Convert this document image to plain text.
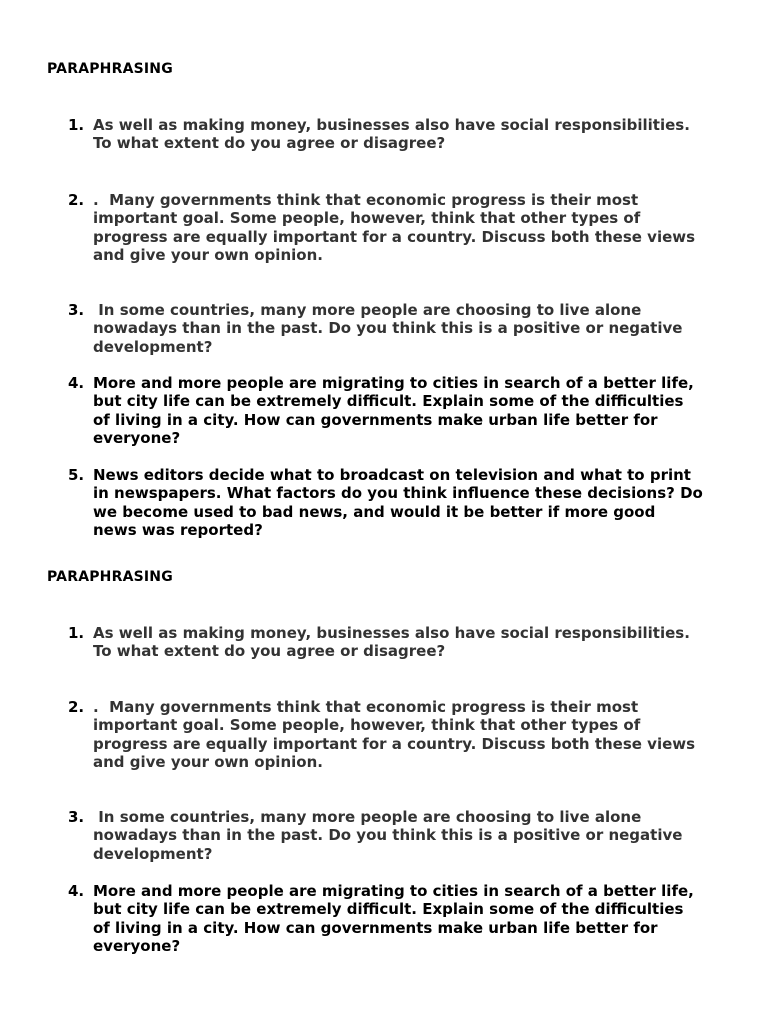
PARAPHRASING
1. As well as making money, businesses also have social responsibilities.
To what extent do you agree or disagree?
2. .  Many governments think that economic progress is their most
important goal. Some people, however, think that other types of
progress are equally important for a country. Discuss both these views
and give your own opinion.
3. In some countries, many more people are choosing to live alone
nowadays than in the past. Do you think this is a positive or negative
development?
4. More and more people are migrating to cities in search of a better life,
but city life can be extremely difficult. Explain some of the difficulties
of living in a city. How can governments make urban life better for
everyone?
5. News editors decide what to broadcast on television and what to print
in newspapers. What factors do you think influence these decisions? Do
we become used to bad news, and would it be better if more good
news was reported?
PARAPHRASING
1. As well as making money, businesses also have social responsibilities.
To what extent do you agree or disagree?
2. .  Many governments think that economic progress is their most
important goal. Some people, however, think that other types of
progress are equally important for a country. Discuss both these views
and give your own opinion.
3. In some countries, many more people are choosing to live alone
nowadays than in the past. Do you think this is a positive or negative
development?
4. More and more people are migrating to cities in search of a better life,
but city life can be extremely difficult. Explain some of the difficulties
of living in a city. How can governments make urban life better for
everyone?
